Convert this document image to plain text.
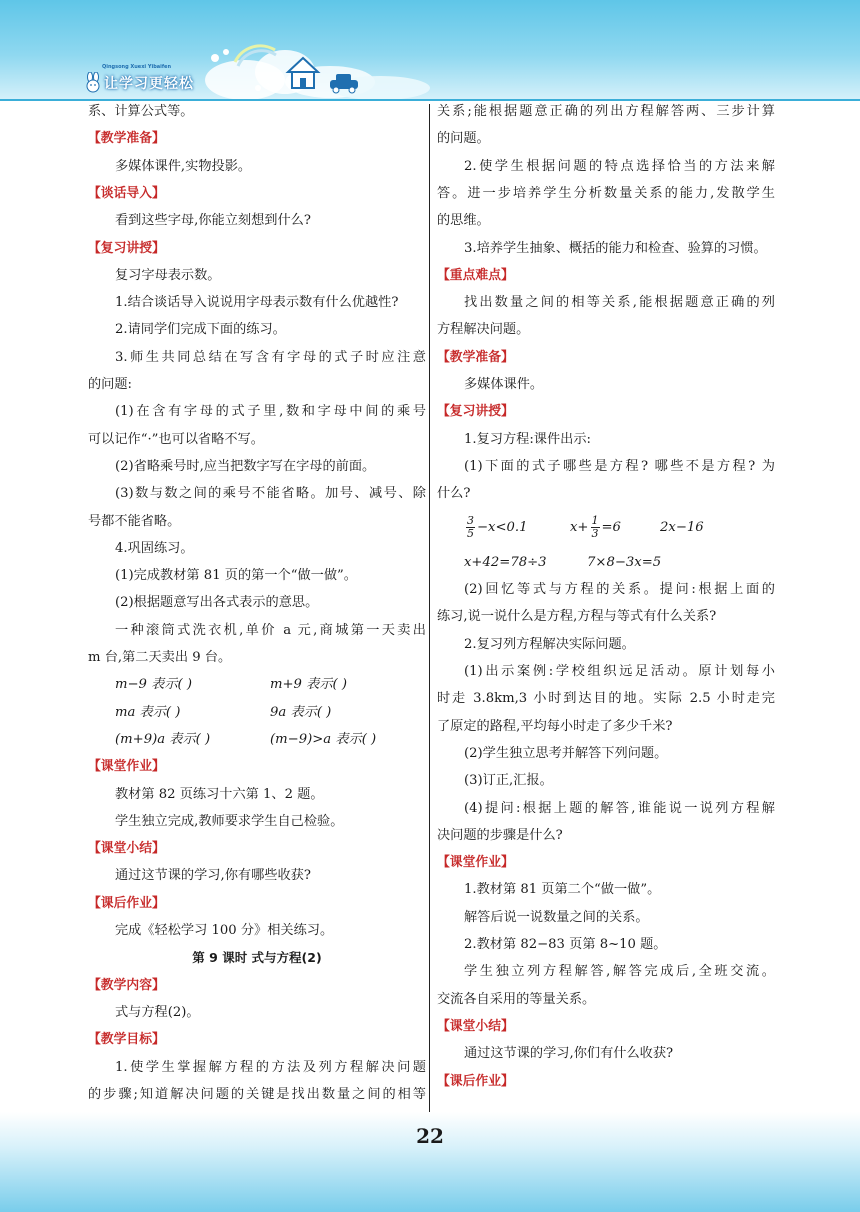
Qingsong Xuexi Yibaifen
让学习更轻松
系、计算公式等。
【教学准备】
多媒体课件,实物投影。
【谈话导入】
看到这些字母,你能立刻想到什么?
【复习讲授】
复习字母表示数。
1.结合谈话导入说说用字母表示数有什么优越性?
2.请同学们完成下面的练习。
3.师生共同总结在写含有字母的式子时应注意
的问题:
(1)在含有字母的式子里,数和字母中间的乘号
可以记作“·”也可以省略不写。
(2)省略乘号时,应当把数字写在字母的前面。
(3)数与数之间的乘号不能省略。加号、减号、除
号都不能省略。
4.巩固练习。
(1)完成教材第 81 页的第一个“做一做”。
(2)根据题意写出各式表示的意思。
一种滚筒式洗衣机,单价 a 元,商城第一天卖出
m 台,第二天卖出 9 台。
m−9 表示( )	m+9 表示( )
ma 表示( )	9a 表示( )
(m+9)a 表示( )	(m−9)>a 表示( )
【课堂作业】
教材第 82 页练习十六第 1、2 题。
学生独立完成,教师要求学生自己检验。
【课堂小结】
通过这节课的学习,你有哪些收获?
【课后作业】
完成《轻松学习 100 分》相关练习。
第 9 课时 式与方程(2)
【教学内容】
式与方程(2)。
【教学目标】
1.使学生掌握解方程的方法及列方程解决问题
的步骤;知道解决问题的关键是找出数量之间的相等
关系;能根据题意正确的列出方程解答两、三步计算
的问题。
2.使学生根据问题的特点选择恰当的方法来解
答。进一步培养学生分析数量关系的能力,发散学生
的思维。
3.培养学生抽象、概括的能力和检查、验算的习惯。
【重点难点】
找出数量之间的相等关系,能根据题意正确的列
方程解决问题。
【教学准备】
多媒体课件。
【复习讲授】
1.复习方程:课件出示:
(1)下面的式子哪些是方程? 哪些不是方程? 为
什么?
$\frac{3}{5} -x<0.1$	$x+ \frac{1}{3} =6$	2x−16
x+42=78÷3	7×8−3x=5
(2)回忆等式与方程的关系。提问:根据上面的
练习,说一说什么是方程,方程与等式有什么关系?
2.复习列方程解决实际问题。
(1)出示案例:学校组织远足活动。原计划每小
时走 3.8km,3 小时到达目的地。实际 2.5 小时走完
了原定的路程,平均每小时走了多少千米?
(2)学生独立思考并解答下列问题。
(3)订正,汇报。
(4)提问:根据上题的解答,谁能说一说列方程解
决问题的步骤是什么?
【课堂作业】
1.教材第 81 页第二个“做一做”。
解答后说一说数量之间的关系。
2.教材第 82−83 页第 8~10 题。
学生独立列方程解答,解答完成后,全班交流。
交流各自采用的等量关系。
【课堂小结】
通过这节课的学习,你们有什么收获?
【课后作业】
22
